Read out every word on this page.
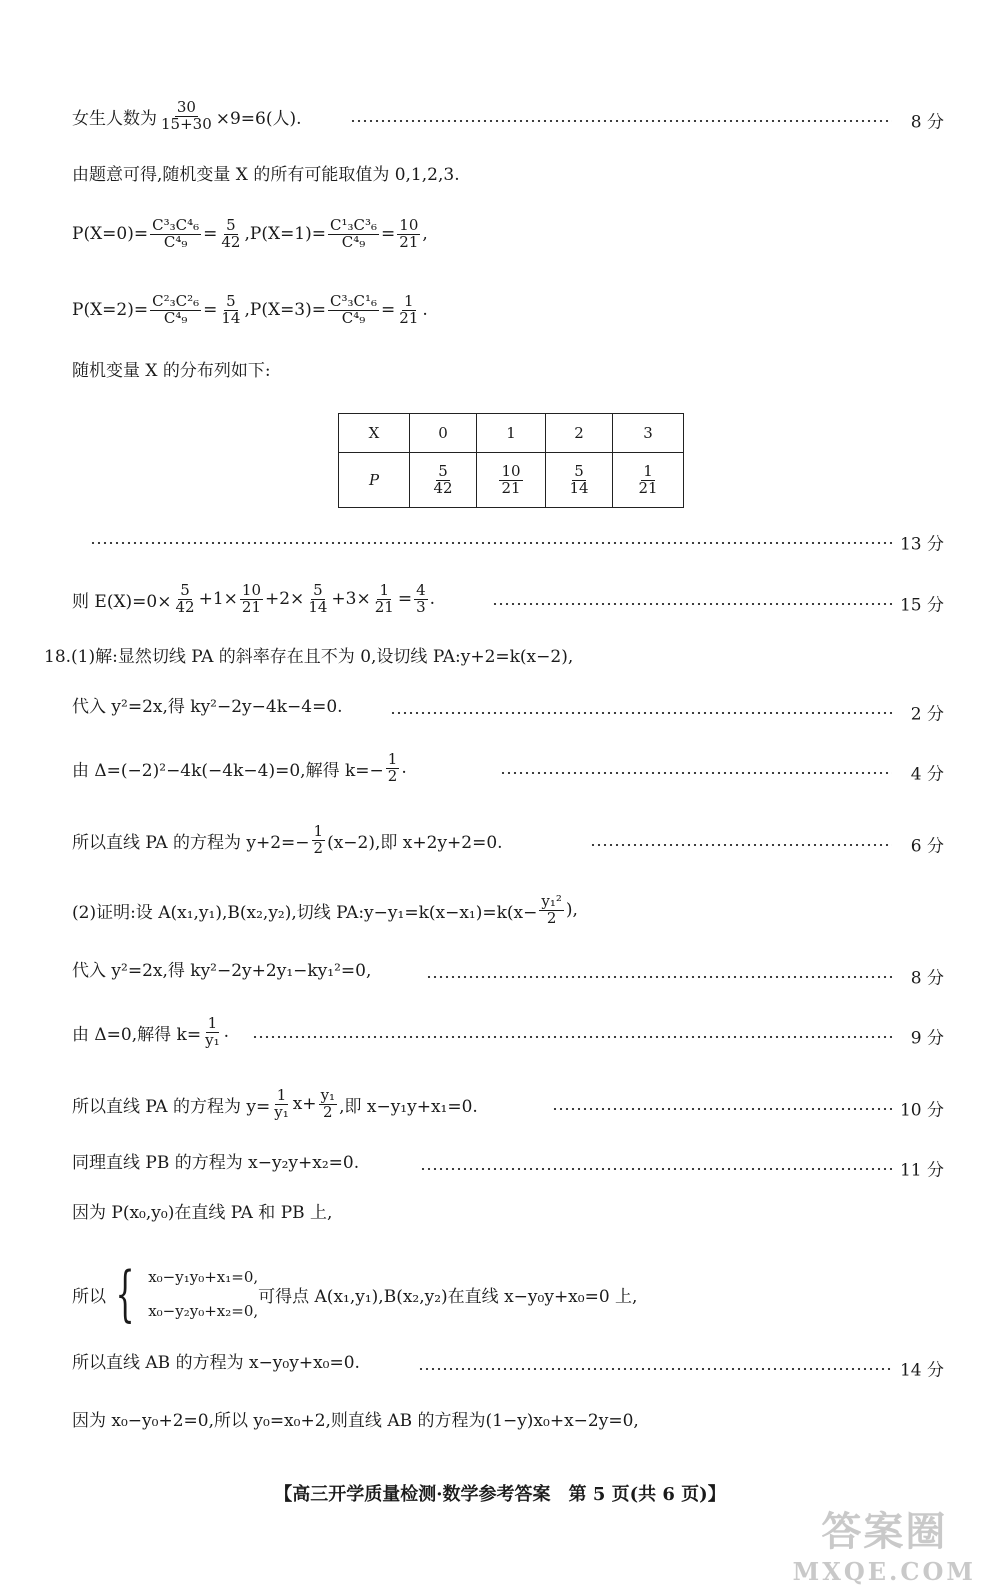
女生人数为 $\frac{30}{15+30} \times 9=6$(人).	8 分
由题意可得,随机变量 X 的所有可能取值为 0,1,2,3.
$P(X=0)= \frac{\text{C³₃C⁴₆}}{\text{C⁴₉}} = \frac{5}{42}$ , $P(X=1)= \frac{\text{C¹₃C³₆}}{\text{C⁴₉}} = \frac{10}{21}$ ,
$P(X=2)= \frac{\text{C²₃C²₆}}{\text{C⁴₉}} = \frac{5}{14}$ , $P(X=3)= \frac{\text{C³₃C¹₆}}{\text{C⁴₉}} = \frac{1}{21}$ .
随机变量 X 的分布列如下:
X	0	1	2	3
P	$\frac{5}{42}$	$\frac{10}{21}$	$\frac{5}{14}$	$\frac{1}{21}$
13 分
则 $E(X)=0\times \frac{5}{42} +1\times \frac{10}{21} +2\times \frac{5}{14} +3\times \frac{1}{21} = \frac{4}{3}$ .	15 分
18.(1)解:显然切线 PA 的斜率存在且不为 0,设切线 PA:y+2=k(x−2),
代入 y²=2x,得 ky²−2y−4k−4=0.	2 分
由 Δ=(−2)²−4k(−4k−4)=0,解得 $k=- \frac{1}{2}$ .	4 分
所以直线 PA 的方程为 $y+2=- \frac{1}{2} (x-2)$,即 x+2y+2=0.	6 分
(2)证明:设 A(x₁,y₁),B(x₂,y₂),切线 PA:y−y₁=k(x−x₁)=k(x− $\frac{\text{y₁²}}{2}$ ),
代入 y²=2x,得 ky²−2y+2y₁−ky₁²=0,	8 分
由 Δ=0,解得 $k= \frac{1}{\text{y₁}}$ .	9 分
所以直线 PA 的方程为 $y= \frac{1}{\text{y₁}} x+ \frac{\text{y₁}}{2}$ ,即 x−y₁y+x₁=0.	10 分
同理直线 PB 的方程为 x−y₂y+x₂=0.	11 分
因为 P(x₀,y₀)在直线 PA 和 PB 上,
所以 { x₀−y₁y₀+x₁=0,
x₀−y₂y₀+x₂=0,
可得点 A(x₁,y₁),B(x₂,y₂)在直线 x−y₀y+x₀=0 上,
所以直线 AB 的方程为 x−y₀y+x₀=0.	14 分
因为 x₀−y₀+2=0,所以 y₀=x₀+2,则直线 AB 的方程为(1−y)x₀+x−2y=0,
【高三开学质量检测·数学参考答案　第 5 页(共 6 页)】
答案圈
MXQE.COM
